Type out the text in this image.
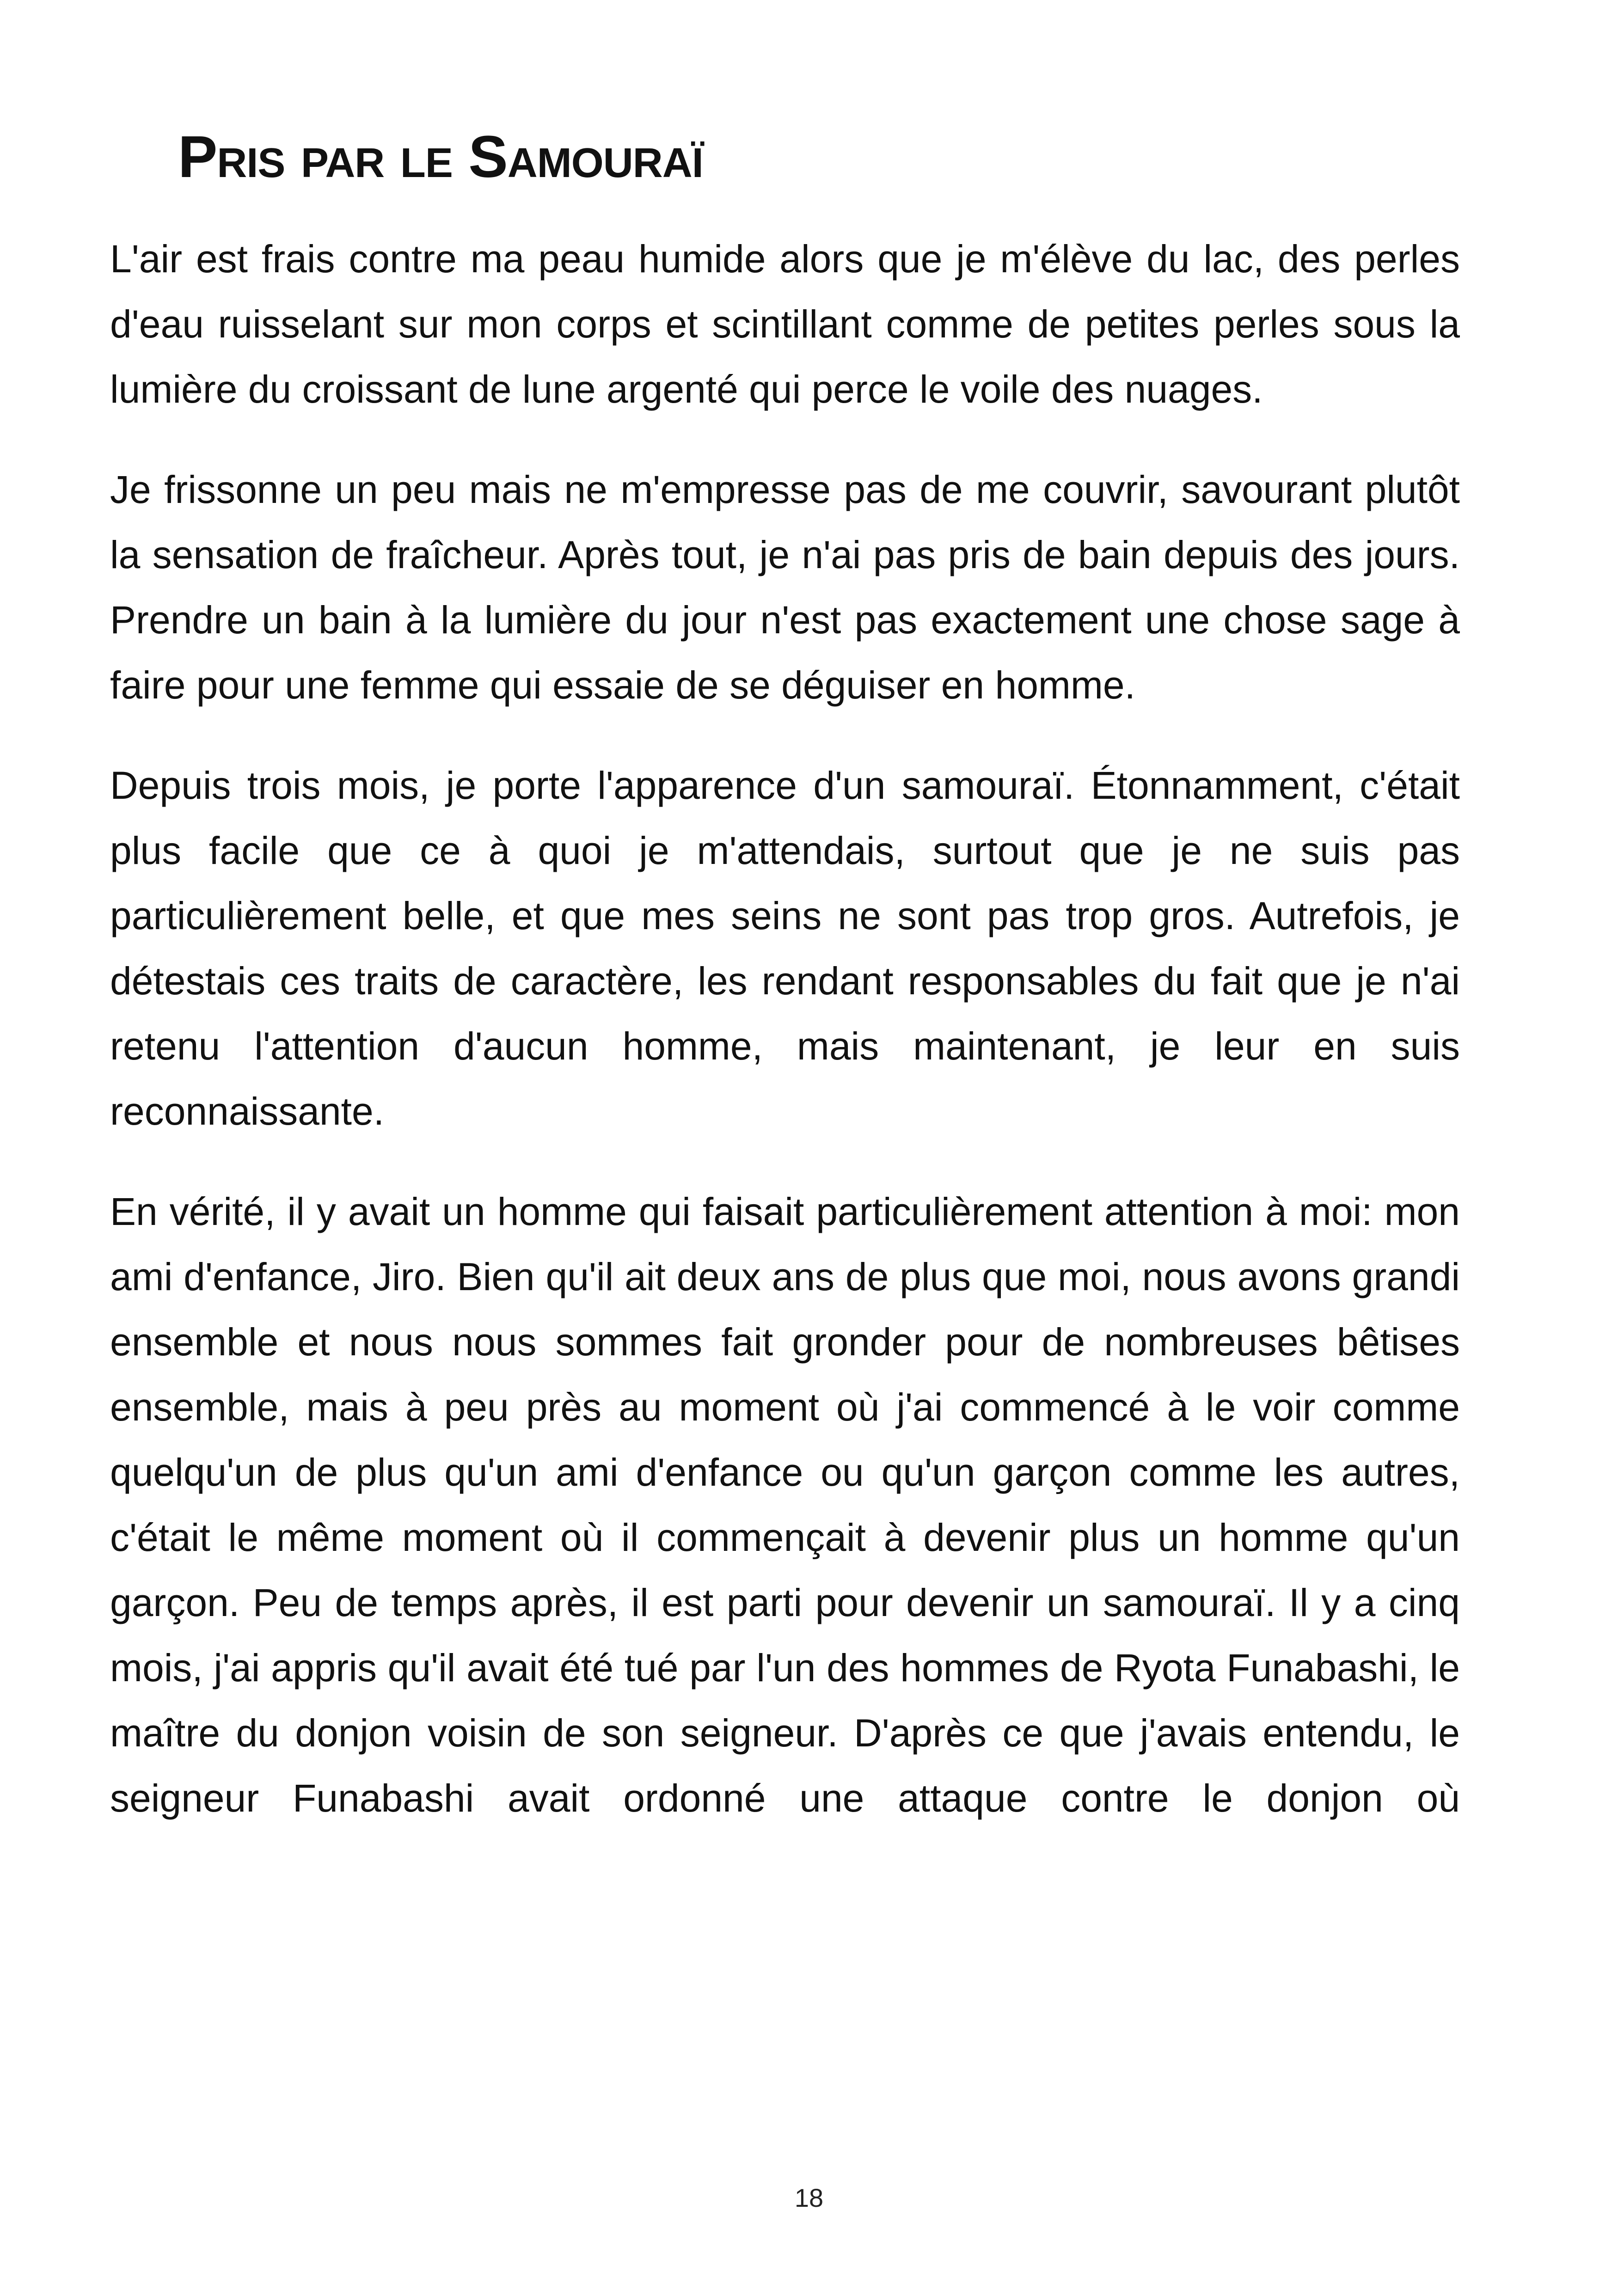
Pris par le Samouraï

L'air est frais contre ma peau humide alors que je m'élève du lac, des perles d'eau ruisselant sur mon corps et scintillant comme de petites perles sous la lumière du croissant de lune argenté qui perce le voile des nuages.

Je frissonne un peu mais ne m'empresse pas de me couvrir, savourant plutôt la sensation de fraîcheur. Après tout, je n'ai pas pris de bain depuis des jours. Prendre un bain à la lumière du jour n'est pas exactement une chose sage à faire pour une femme qui essaie de se déguiser en homme.

Depuis trois mois, je porte l'apparence d'un samouraï. Étonnamment, c'était plus facile que ce à quoi je m'attendais, surtout que je ne suis pas particulièrement belle, et que mes seins ne sont pas trop gros. Autrefois, je détestais ces traits de caractère, les rendant responsables du fait que je n'ai retenu l'attention d'aucun homme, mais maintenant, je leur en suis reconnaissante.

En vérité, il y avait un homme qui faisait particulièrement attention à moi: mon ami d'enfance, Jiro. Bien qu'il ait deux ans de plus que moi, nous avons grandi ensemble et nous nous sommes fait gronder pour de nombreuses bêtises ensemble, mais à peu près au moment où j'ai commencé à le voir comme quelqu'un de plus qu'un ami d'enfance ou qu'un garçon comme les autres, c'était le même moment où il commençait à devenir plus un homme qu'un garçon. Peu de temps après, il est parti pour devenir un samouraï. Il y a cinq mois, j'ai appris qu'il avait été tué par l'un des hommes de Ryota Funabashi, le maître du donjon voisin de son seigneur. D'après ce que j'avais entendu, le seigneur Funabashi avait ordonné une attaque contre le donjon où

18
